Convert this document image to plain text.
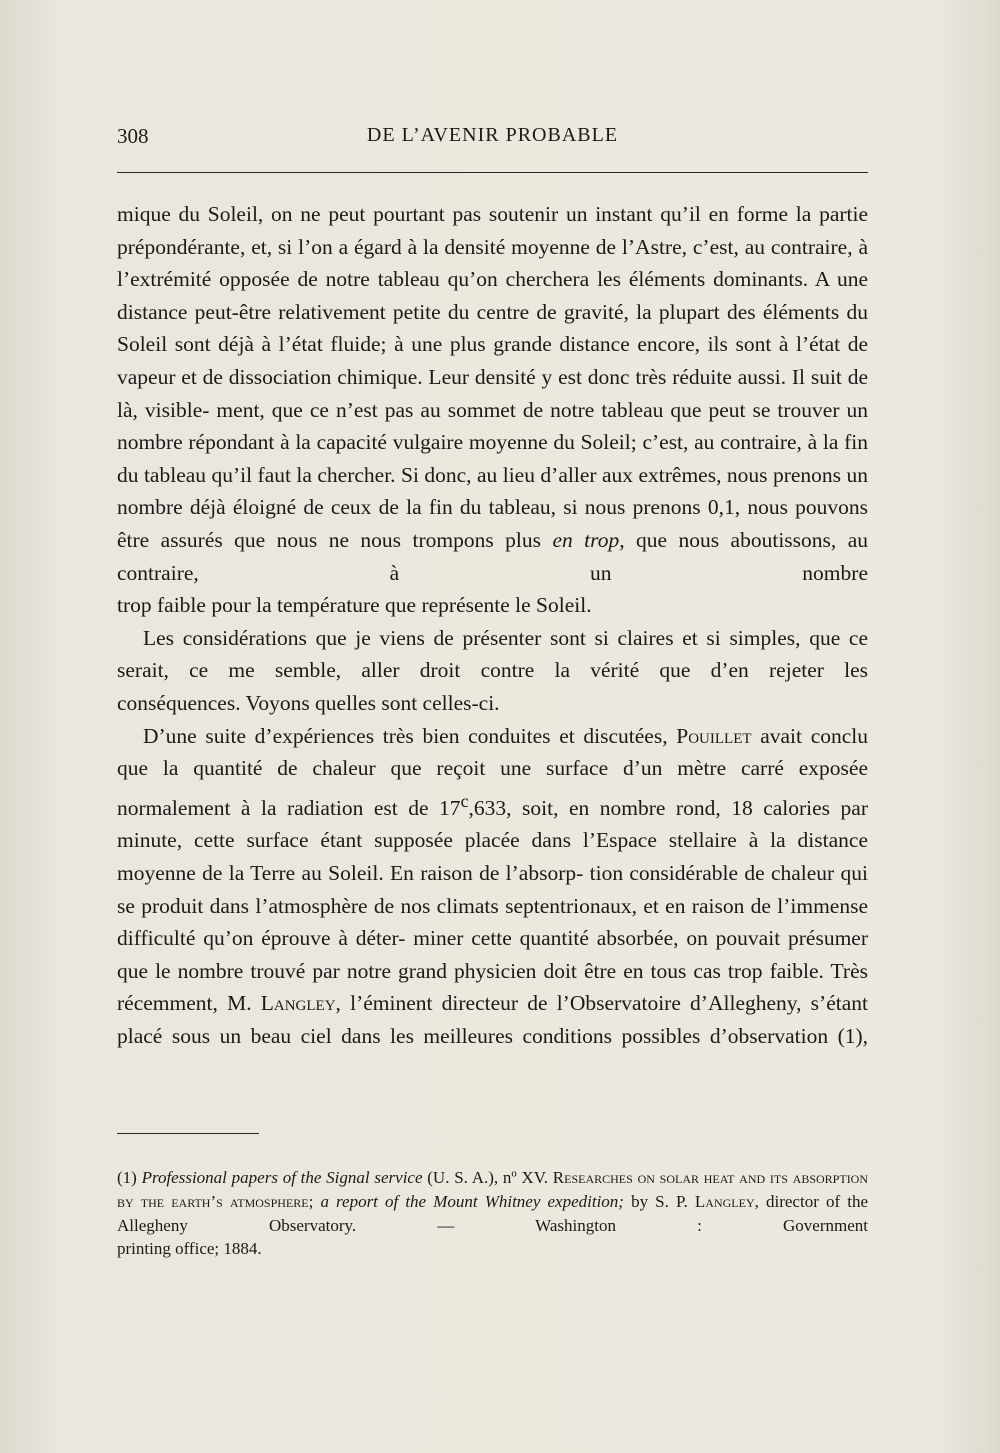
308	DE L’AVENIR PROBABLE

mique du Soleil, on ne peut pourtant pas soutenir un instant qu’il en forme la partie prépondérante, et, si l’on a égard à la densité moyenne de l’Astre, c’est, au contraire, à l’extrémité opposée de notre tableau qu’on cherchera les éléments dominants. A une distance peut-être relativement petite du centre de gravité, la plupart des éléments du Soleil sont déjà à l’état fluide; à une plus grande distance encore, ils sont à l’état de vapeur et de dissociation chimique. Leur densité y est donc très réduite aussi. Il suit de là, visible- ment, que ce n’est pas au sommet de notre tableau que peut se trouver un nombre répondant à la capacité vulgaire moyenne du Soleil; c’est, au contraire, à la fin du tableau qu’il faut la chercher. Si donc, au lieu d’aller aux extrêmes, nous prenons un nombre déjà éloigné de ceux de la fin du tableau, si nous prenons 0,1, nous pouvons être assurés que nous ne nous trompons plus en trop, que nous aboutissons, au contraire, à un nombre

trop faible pour la température que représente le Soleil.

Les considérations que je viens de présenter sont si claires et si simples, que ce serait, ce me semble, aller droit contre la vérité que d’en rejeter les

conséquences. Voyons quelles sont celles-ci.

D’une suite d’expériences très bien conduites et discutées, Pouillet avait conclu que la quantité de chaleur que reçoit une surface d’un mètre carré exposée normalement à la radiation est de 17$^c$,633, soit, en nombre rond, 18 calories par minute, cette surface étant supposée placée dans l’Espace stellaire à la distance moyenne de la Terre au Soleil. En raison de l’absorp- tion considérable de chaleur qui se produit dans l’atmosphère de nos climats septentrionaux, et en raison de l’immense difficulté qu’on éprouve à déter- miner cette quantité absorbée, on pouvait présumer que le nombre trouvé par notre grand physicien doit être en tous cas trop faible. Très récemment, M. Langley, l’éminent directeur de l’Observatoire d’Allegheny, s’étant placé sous un beau ciel dans les meilleures conditions possibles d’observation (1),

(1) Professional papers of the Signal service (U. S. A.), nº XV. Researches on solar heat and its absorption by the earth’s atmosphere; a report of the Mount Whitney expedition; by S. P. Langley, director of the Allegheny Observatory. — Washington : Government

printing office; 1884.
